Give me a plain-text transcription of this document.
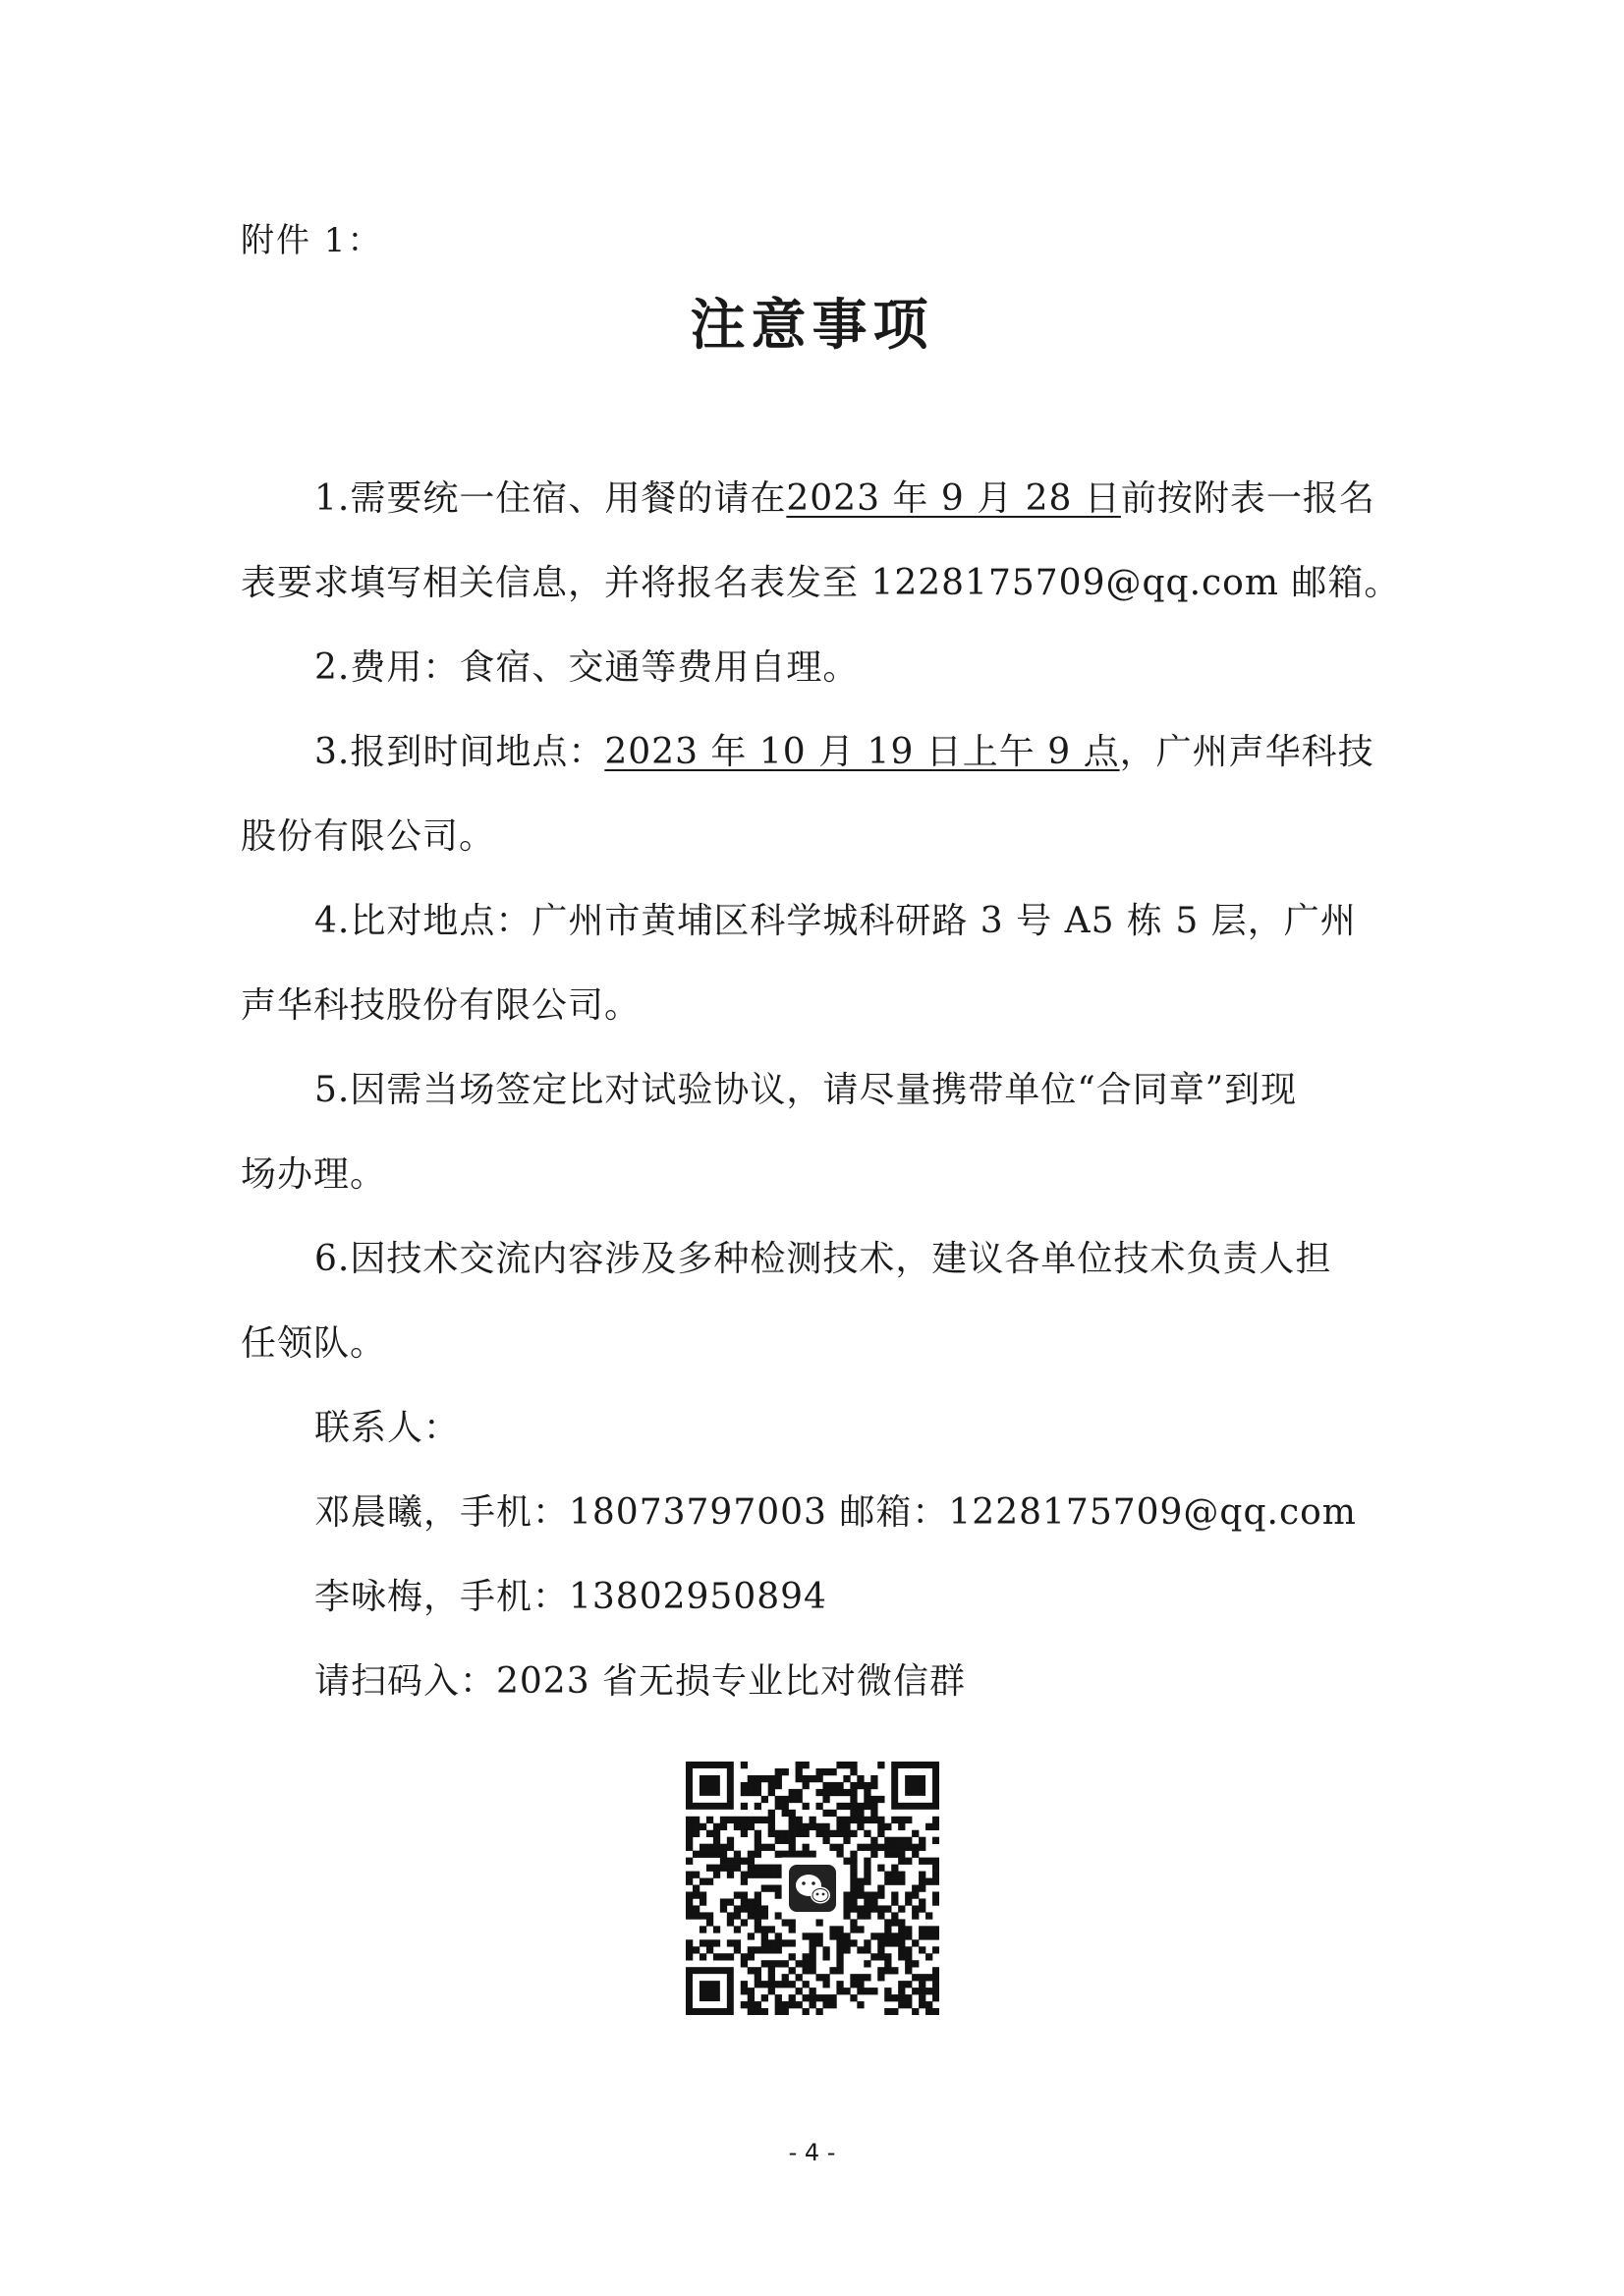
附件 1：
注意事项
1.需要统一住宿、用餐的请在2023 年 9 月 28 日前按附表一报名
表要求填写相关信息，并将报名表发至 1228175709@qq.com 邮箱。
2.费用：食宿、交通等费用自理。
3.报到时间地点：2023 年 10 月 19 日上午 9 点，广州声华科技
股份有限公司。
4.比对地点：广州市黄埔区科学城科研路 3 号 A5 栋 5 层，广州
声华科技股份有限公司。
5.因需当场签定比对试验协议，请尽量携带单位“合同章”到现
场办理。
6.因技术交流内容涉及多种检测技术，建议各单位技术负责人担
任领队。
联系人：
邓晨曦，手机：18073797003 邮箱：1228175709@qq.com
李咏梅，手机：13802950894
请扫码入：2023 省无损专业比对微信群
- 4 -
